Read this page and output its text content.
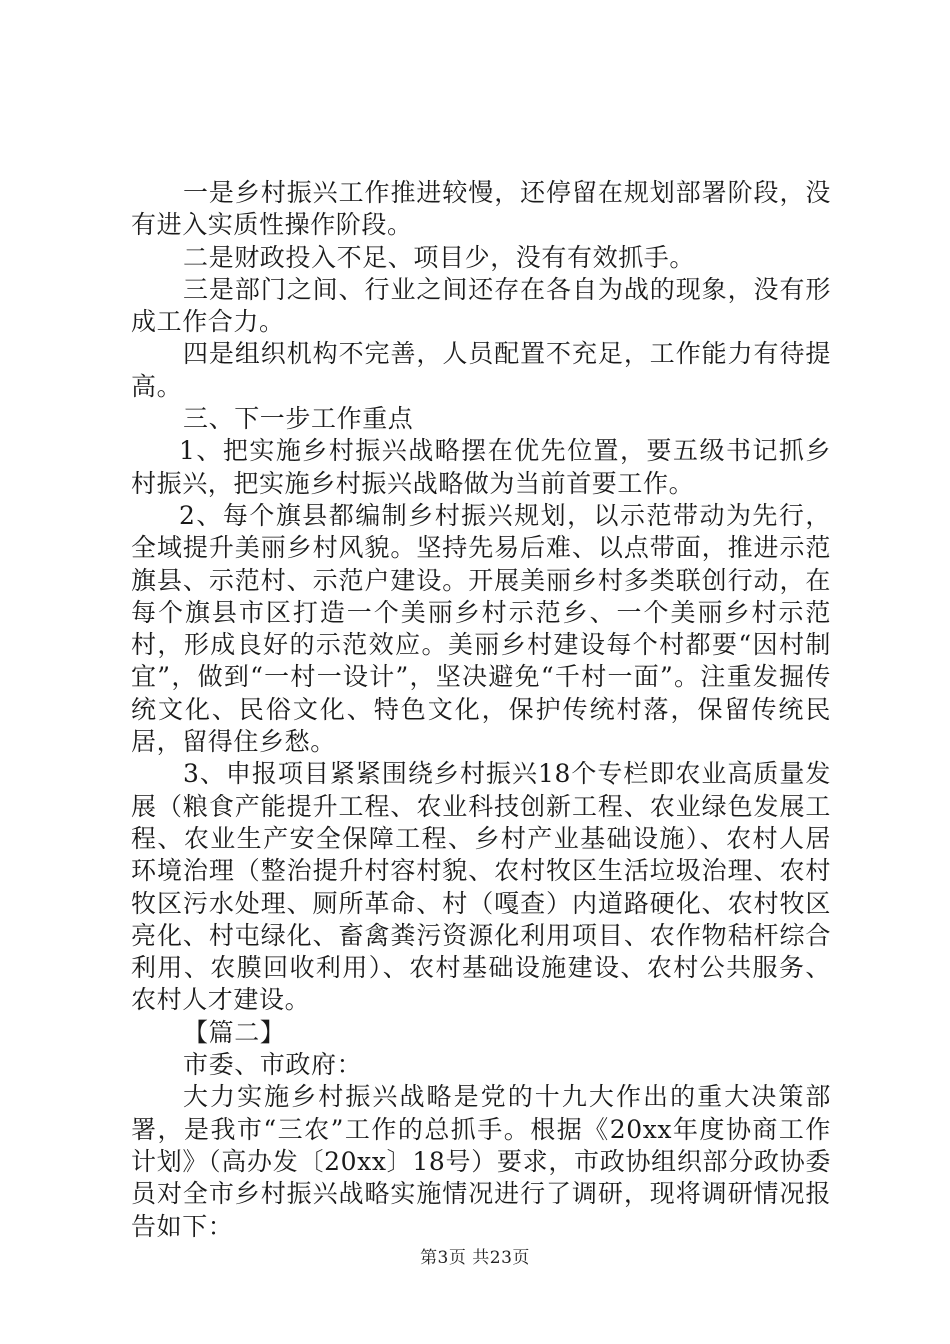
一是乡村振兴工作推进较慢，还停留在规划部署阶段，没有进入实质性操作阶段。

二是财政投入不足、项目少，没有有效抓手。

三是部门之间、行业之间还存在各自为战的现象，没有形成工作合力。

四是组织机构不完善，人员配置不充足，工作能力有待提高。

三、下一步工作重点

1、把实施乡村振兴战略摆在优先位置，要五级书记抓乡村振兴，把实施乡村振兴战略做为当前首要工作。

2、每个旗县都编制乡村振兴规划，以示范带动为先行，全域提升美丽乡村风貌。坚持先易后难、以点带面，推进示范旗县、示范村、示范户建设。开展美丽乡村多类联创行动，在每个旗县市区打造一个美丽乡村示范乡、一个美丽乡村示范村，形成良好的示范效应。美丽乡村建设每个村都要“因村制宜”，做到“一村一设计”，坚决避免“千村一面”。注重发掘传统文化、民俗文化、特色文化，保护传统村落，保留传统民居，留得住乡愁。

3、申报项目紧紧围绕乡村振兴18个专栏即农业高质量发展（粮食产能提升工程、农业科技创新工程、农业绿色发展工程、农业生产安全保障工程、乡村产业基础设施）、农村人居环境治理（整治提升村容村貌、农村牧区生活垃圾治理、农村牧区污水处理、厕所革命、村（嘎查）内道路硬化、农村牧区亮化、村屯绿化、畜禽粪污资源化利用项目、农作物秸杆综合利用、农膜回收利用）、农村基础设施建设、农村公共服务、农村人才建设。

【篇二】

市委、市政府：

大力实施乡村振兴战略是党的十九大作出的重大决策部署，是我市“三农”工作的总抓手。根据《20xx年度协商工作计划》（高办发〔20xx〕18号）要求，市政协组织部分政协委员对全市乡村振兴战略实施情况进行了调研，现将调研情况报告如下：

第3页 共23页
